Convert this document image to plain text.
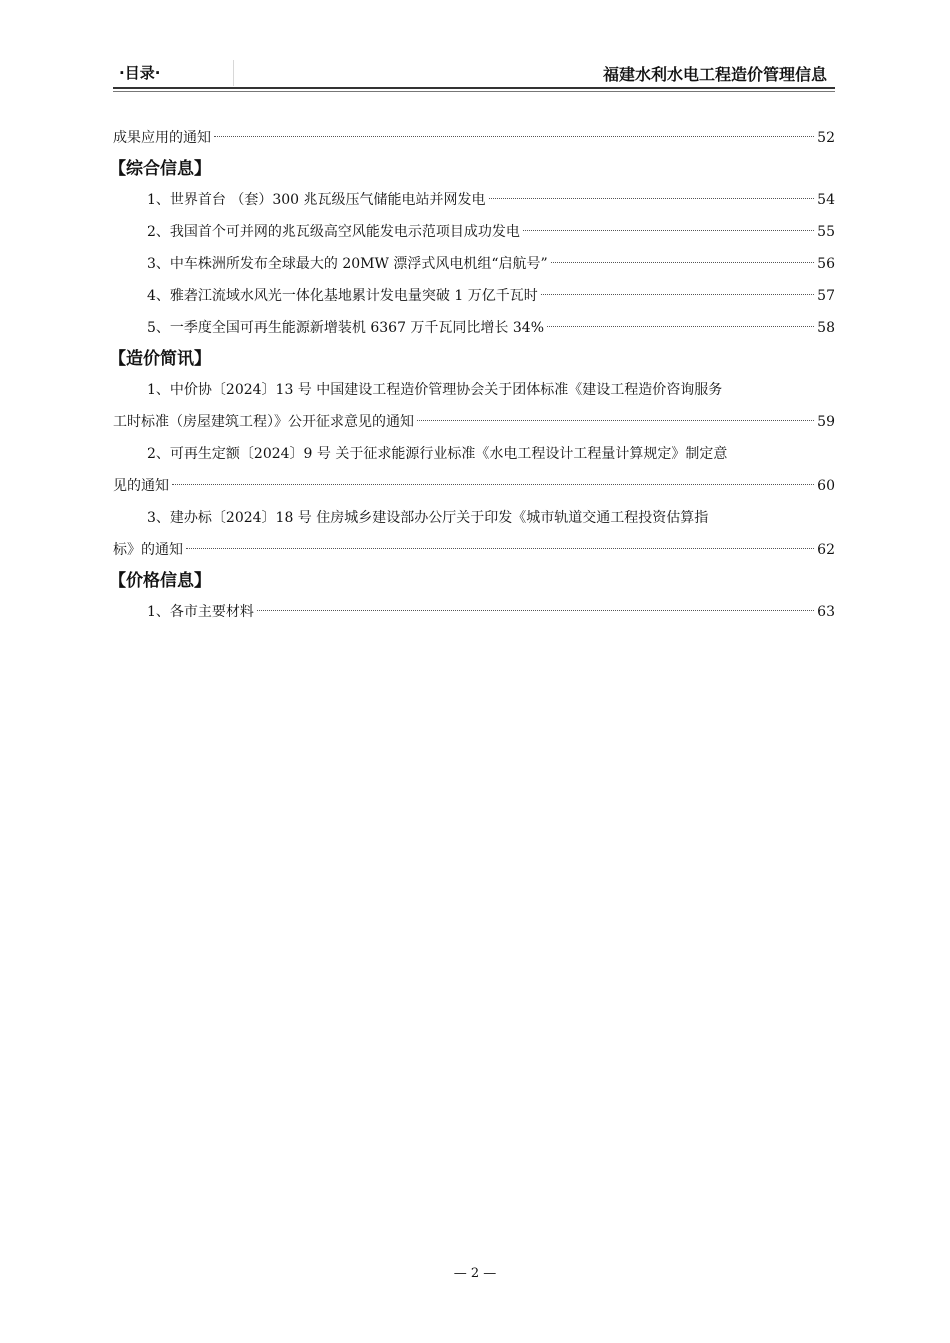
·目录·	福建水利水电工程造价管理信息
成果应用的通知	52
【综合信息】
1、世界首台 （套）300 兆瓦级压气储能电站并网发电	54
2、我国首个可并网的兆瓦级高空风能发电示范项目成功发电	55
3、中车株洲所发布全球最大的 20MW 漂浮式风电机组“启航号”	56
4、雅砻江流域水风光一体化基地累计发电量突破 1 万亿千瓦时	57
5、一季度全国可再生能源新增装机 6367 万千瓦同比增长 34%	58
【造价简讯】
1、中价协〔2024〕13 号 中国建设工程造价管理协会关于团体标准《建设工程造价咨询服务
工时标准（房屋建筑工程）》公开征求意见的通知	59
2、可再生定额〔2024〕9 号 关于征求能源行业标准《水电工程设计工程量计算规定》制定意
见的通知	60
3、建办标〔2024〕18 号 住房城乡建设部办公厅关于印发《城市轨道交通工程投资估算指
标》的通知	62
【价格信息】
1、各市主要材料	63
— 2 —
